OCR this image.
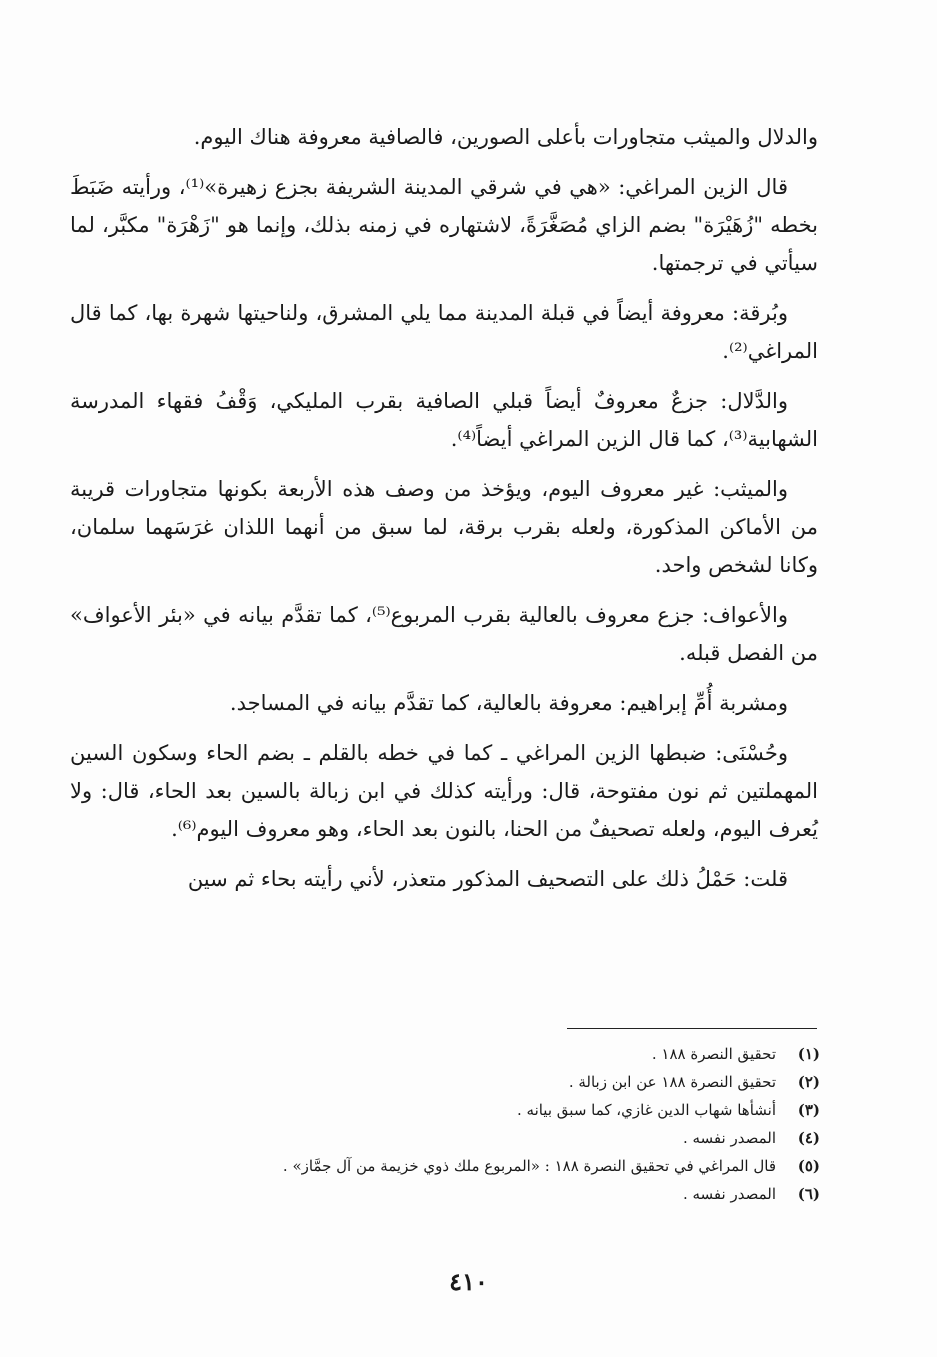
والدلال والميثب متجاورات بأعلى الصورين، فالصافية معروفة هناك اليوم.

قال الزين المراغي: «هي في شرقي المدينة الشريفة بجزع زهيرة»⁽¹⁾، ورأيته ضَبَطَ بخطه "زُهَيْرَة" بضم الزاي مُصَغَّرَةً، لاشتهاره في زمنه بذلك، وإنما هو "زَهْرَة" مكبَّر، لما سيأتي في ترجمتها.

وبُرقة: معروفة أيضاً في قبلة المدينة مما يلي المشرق، ولناحيتها شهرة بها، كما قال المراغي⁽²⁾.

والدَّلال: جزعٌ معروفٌ أيضاً قبلي الصافية بقرب المليكي، وَقْفُ فقهاء المدرسة الشهابية⁽³⁾، كما قال الزين المراغي أيضاً⁽⁴⁾.

والميثب: غير معروف اليوم، ويؤخذ من وصف هذه الأربعة بكونها متجاورات قريبة من الأماكن المذكورة، ولعله بقرب برقة، لما سبق من أنهما اللذان غرَسَهما سلمان، وكانا لشخص واحد.

والأعواف: جزع معروف بالعالية بقرب المربوع⁽⁵⁾، كما تقدَّم بيانه في «بئر الأعواف» من الفصل قبله.

ومشربة أُمِّ إبراهيم: معروفة بالعالية، كما تقدَّم بيانه في المساجد.

وحُسْنَى: ضبطها الزين المراغي ـ كما في خطه بالقلم ـ بضم الحاء وسكون السين المهملتين ثم نون مفتوحة، قال: ورأيته كذلك في ابن زبالة بالسين بعد الحاء، قال: ولا يُعرف اليوم، ولعله تصحيفٌ من الحنا، بالنون بعد الحاء، وهو معروف اليوم⁽⁶⁾.

قلت: حَمْلُ ذلك على التصحيف المذكور متعذر، لأني رأيته بحاء ثم سين

(١)
تحقيق النصرة ١٨٨ .
(٢)
تحقيق النصرة ١٨٨ عن ابن زبالة .
(٣)
أنشأها شهاب الدين غازي، كما سبق بيانه .
(٤)
المصدر نفسه .
(٥)
قال المراغي في تحقيق النصرة ١٨٨ : «المربوع ملك ذوي خزيمة من آل جمَّاز» .
(٦)
المصدر نفسه .
٤١٠
